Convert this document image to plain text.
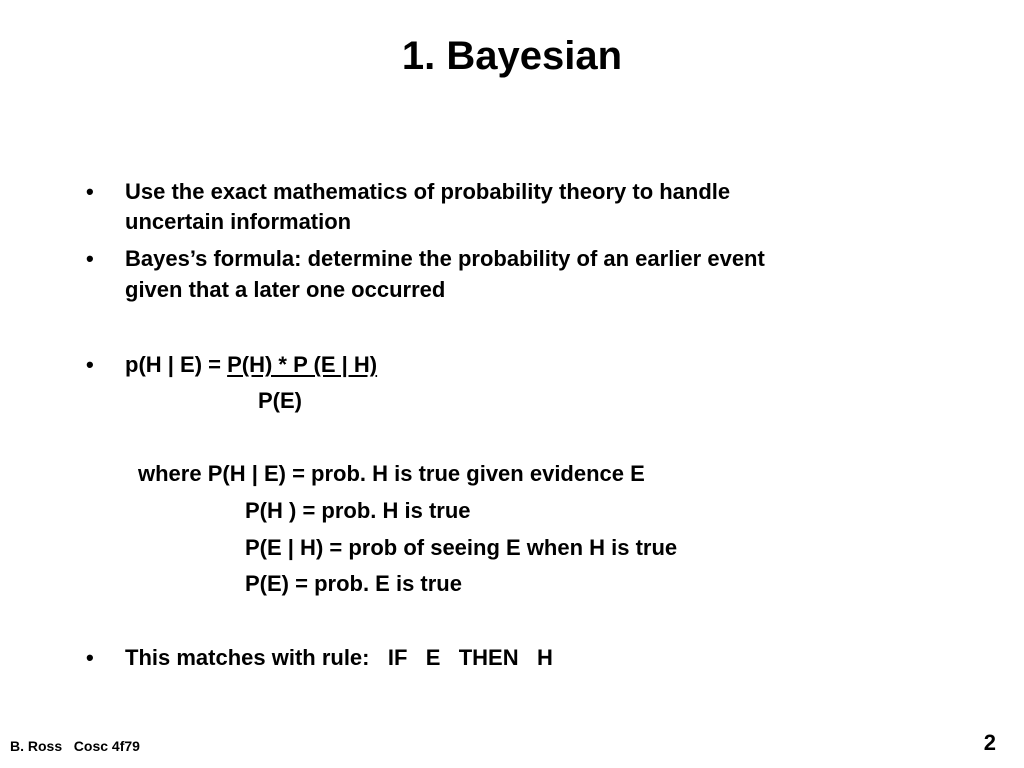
1. Bayesian
• Use the exact mathematics of probability theory to handle
uncertain information
• Bayes’s formula: determine the probability of an earlier event
given that a later one occurred
• p(H | E) = P(H) * P (E | H)
P(E)
where P(H | E) = prob. H is true given evidence E
P(H ) = prob. H is true
P(E | H) = prob of seeing E when H is true
P(E) = prob. E is true
• This matches with rule:   IF   E   THEN   H
B. Ross   Cosc 4f79	2
